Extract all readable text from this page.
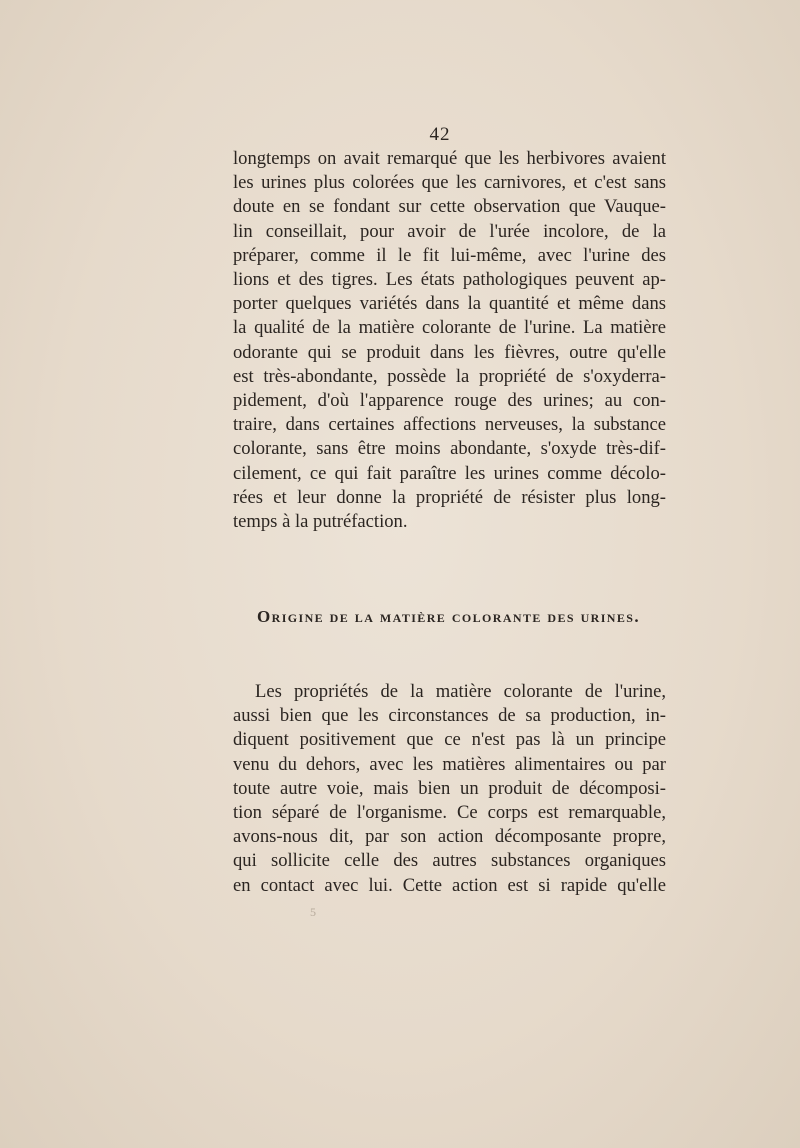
42
longtemps on avait remarqué que les herbivores avaient
les urines plus colorées que les carnivores, et c'est sans
doute en se fondant sur cette observation que Vauque-
lin conseillait, pour avoir de l'urée incolore, de la
préparer, comme il le fit lui-même, avec l'urine des
lions et des tigres. Les états pathologiques peuvent ap-
porter quelques variétés dans la quantité et même dans
la qualité de la matière colorante de l'urine. La matière
odorante qui se produit dans les fièvres, outre qu'elle
est très-abondante, possède la propriété de s'oxyderra-
pidement, d'où l'apparence rouge des urines; au con-
traire, dans certaines affections nerveuses, la substance
colorante, sans être moins abondante, s'oxyde très-dif-
cilement, ce qui fait paraître les urines comme décolo-
rées et leur donne la propriété de résister plus long-
temps à la putréfaction.
Origine de la matière colorante des urines.
Les propriétés de la matière colorante de l'urine,
aussi bien que les circonstances de sa production, in-
diquent positivement que ce n'est pas là un principe
venu du dehors, avec les matières alimentaires ou par
toute autre voie, mais bien un produit de décomposi-
tion séparé de l'organisme. Ce corps est remarquable,
avons-nous dit, par son action décomposante propre,
qui sollicite celle des autres substances organiques
en contact avec lui. Cette action est si rapide qu'elle
5
